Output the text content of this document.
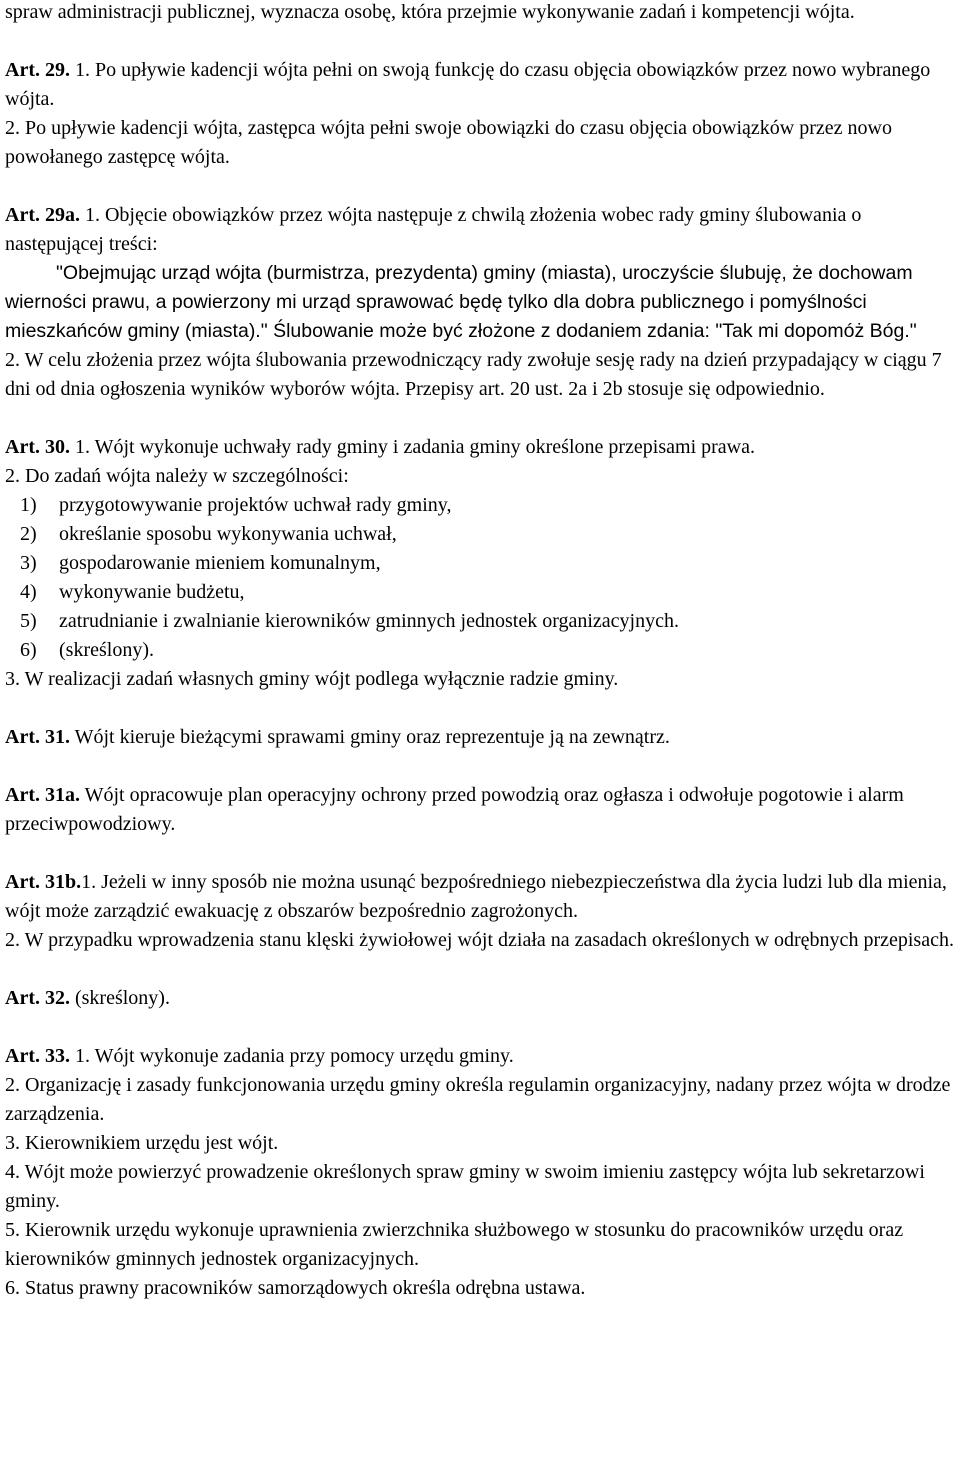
spraw administracji publicznej, wyznacza osobę, która przejmie wykonywanie zadań i kompetencji wójta.

Art. 29. 1. Po upływie kadencji wójta pełni on swoją funkcję do czasu objęcia obowiązków przez nowo wybranego wójta.

2. Po upływie kadencji wójta, zastępca wójta pełni swoje obowiązki do czasu objęcia obowiązków przez nowo powołanego zastępcę wójta.

Art. 29a. 1. Objęcie obowiązków przez wójta następuje z chwilą złożenia wobec rady gminy ślubowania o następującej treści:

"Obejmując urząd wójta (burmistrza, prezydenta) gminy (miasta), uroczyście ślubuję, że dochowam wierności prawu, a powierzony mi urząd sprawować będę tylko dla dobra publicznego i pomyślności mieszkańców gminy (miasta)." Ślubowanie może być złożone z dodaniem zdania: "Tak mi dopomóż Bóg."

2. W celu złożenia przez wójta ślubowania przewodniczący rady zwołuje sesję rady na dzień przypadający w ciągu 7 dni od dnia ogłoszenia wyników wyborów wójta. Przepisy art. 20 ust. 2a i 2b stosuje się odpowiednio.

Art. 30. 1. Wójt wykonuje uchwały rady gminy i zadania gminy określone przepisami prawa.

2. Do zadań wójta należy w szczególności:

1) przygotowywanie projektów uchwał rady gminy,

2) określanie sposobu wykonywania uchwał,

3) gospodarowanie mieniem komunalnym,

4) wykonywanie budżetu,

5) zatrudnianie i zwalnianie kierowników gminnych jednostek organizacyjnych.

6) (skreślony).

3. W realizacji zadań własnych gminy wójt podlega wyłącznie radzie gminy.

Art. 31. Wójt kieruje bieżącymi sprawami gminy oraz reprezentuje ją na zewnątrz.

Art. 31a. Wójt opracowuje plan operacyjny ochrony przed powodzią oraz ogłasza i odwołuje pogotowie i alarm przeciwpowodziowy.

Art. 31b.1. Jeżeli w inny sposób nie można usunąć bezpośredniego niebezpieczeństwa dla życia ludzi lub dla mienia, wójt może zarządzić ewakuację z obszarów bezpośrednio zagrożonych.

2. W przypadku wprowadzenia stanu klęski żywiołowej wójt działa na zasadach określonych w odrębnych przepisach.

Art. 32. (skreślony).

Art. 33. 1. Wójt wykonuje zadania przy pomocy urzędu gminy.

2. Organizację i zasady funkcjonowania urzędu gminy określa regulamin organizacyjny, nadany przez wójta w drodze zarządzenia.

3. Kierownikiem urzędu jest wójt.

4. Wójt może powierzyć prowadzenie określonych spraw gminy w swoim imieniu zastępcy wójta lub sekretarzowi gminy.

5. Kierownik urzędu wykonuje uprawnienia zwierzchnika służbowego w stosunku do pracowników urzędu oraz kierowników gminnych jednostek organizacyjnych.

6. Status prawny pracowników samorządowych określa odrębna ustawa.
